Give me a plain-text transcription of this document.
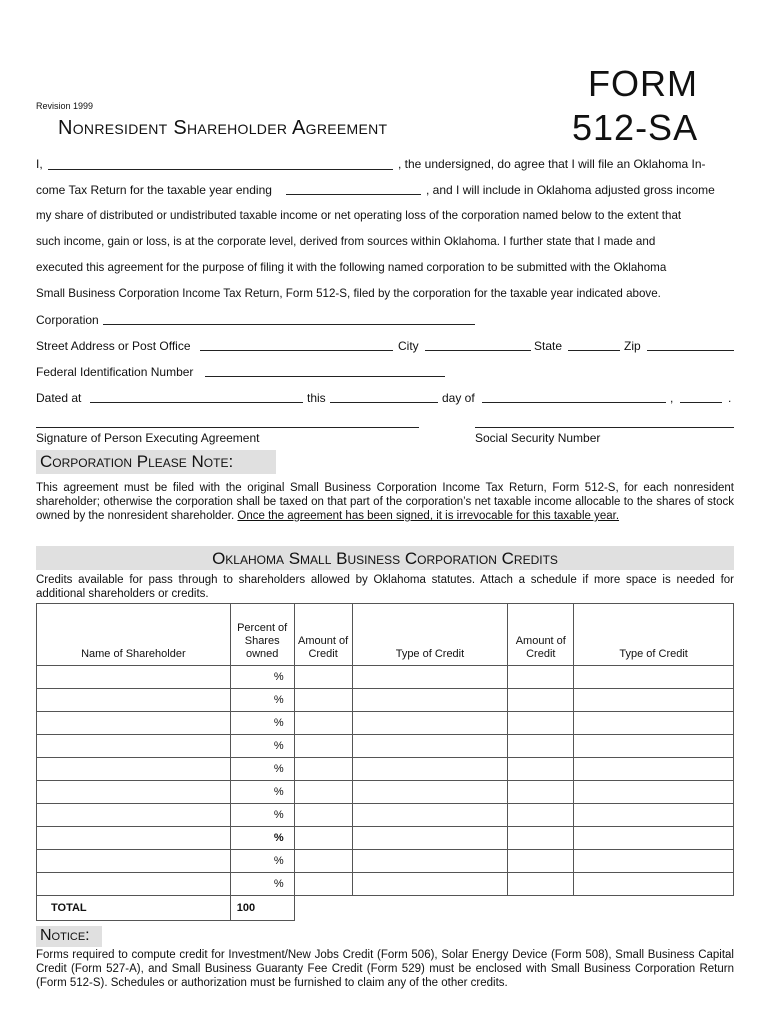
Revision 1999
Nonresident Shareholder Agreement
FORM
512-SA
I,	, the undersigned, do agree that I will file an Oklahoma In-
come Tax Return for the taxable year ending	, and I will include in Oklahoma adjusted gross income
my share of distributed or undistributed taxable income or net operating loss of the corporation named below to the extent that
such income, gain or loss, is at the corporate level, derived from sources within Oklahoma. I further state that I made and
executed this agreement for the purpose of filing it with the following named corporation to be submitted with the Oklahoma
Small Business Corporation Income Tax Return, Form 512-S, filed by the corporation for the taxable year indicated above.
Corporation
Street Address or Post Office	City	State	Zip
Federal Identification Number
Dated at	this	day of	,	.
Signature of Person Executing Agreement	Social Security Number
Corporation Please Note:
This agreement must be filed with the original Small Business Corporation Income Tax Return, Form 512-S, for each nonresident shareholder; otherwise the corporation shall be taxed on that part of the corporation’s net taxable income allocable to the shares of stock owned by the nonresident shareholder. Once the agreement has been signed, it is irrevocable for this taxable year.
Oklahoma Small Business Corporation Credits
Credits available for pass through to shareholders allowed by Oklahoma statutes. Attach a schedule if more space is needed for additional shareholders or credits.
Name of Shareholder	Percent of Shares owned	Amount of Credit	Type of Credit	Amount of Credit	Type of Credit
	%				
	%				
	%				
	%				
	%				
	%				
	%				
	%				
	%				
	%				
TOTAL	100				
Notice:
Forms required to compute credit for Investment/New Jobs Credit (Form 506), Solar Energy Device (Form 508), Small Business Capital Credit (Form 527-A), and Small Business Guaranty Fee Credit (Form 529) must be enclosed with Small Business Corporation Return (Form 512-S). Schedules or authorization must be furnished to claim any of the other credits.
